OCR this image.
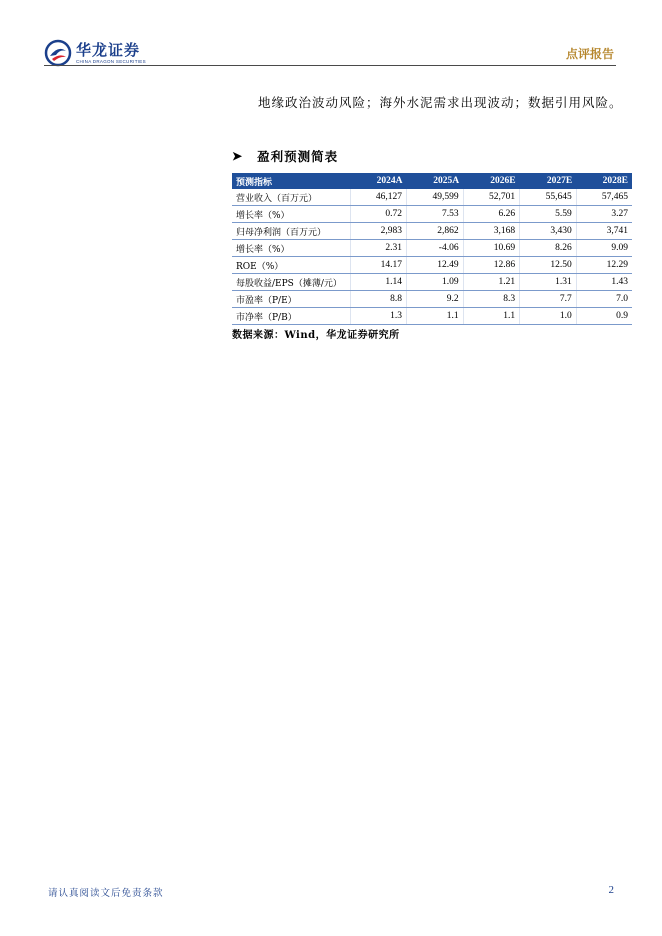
华龙证券
CHINA DRAGON SECURITIES	点评报告
地缘政治波动风险；海外水泥需求出现波动；数据引用风险。
➤ 盈利预测简表
预测指标	2024A	2025A	2026E	2027E	2028E
营业收入（百万元）	46,127	49,599	52,701	55,645	57,465
增长率（%）	0.72	7.53	6.26	5.59	3.27
归母净利润（百万元）	2,983	2,862	3,168	3,430	3,741
增长率（%）	2.31	-4.06	10.69	8.26	9.09
ROE（%）	14.17	12.49	12.86	12.50	12.29
每股收益/EPS（摊薄/元）	1.14	1.09	1.21	1.31	1.43
市盈率（P/E）	8.8	9.2	8.3	7.7	7.0
市净率（P/B）	1.3	1.1	1.1	1.0	0.9
数据来源：Wind，华龙证券研究所
请认真阅读文后免责条款	2
